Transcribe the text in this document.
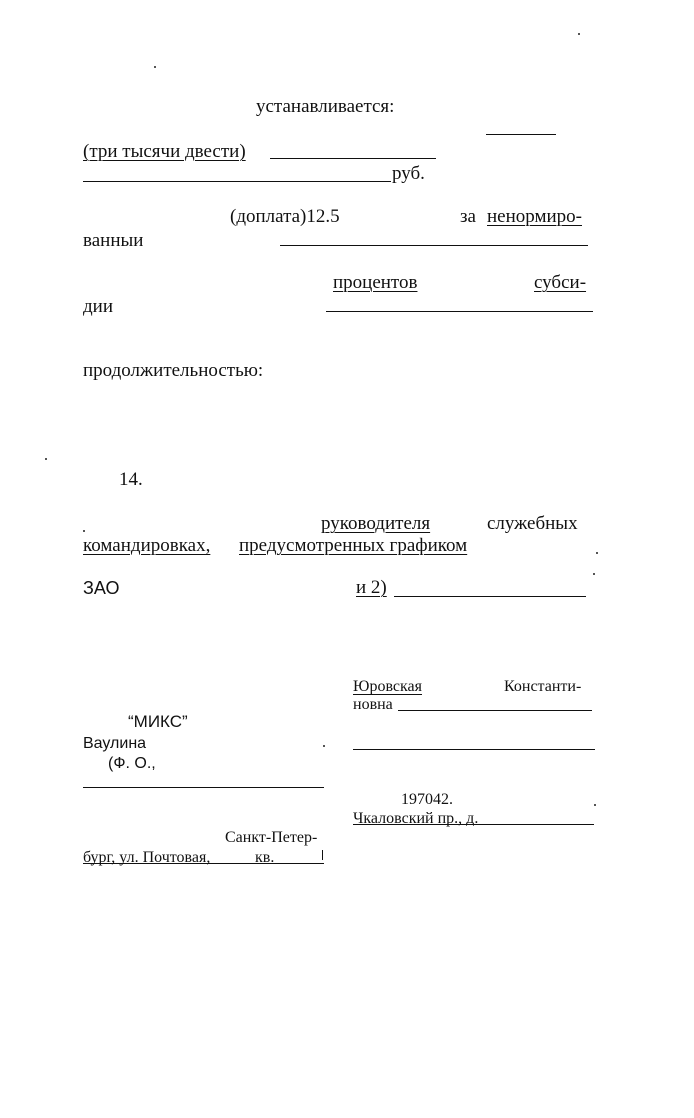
устанавливается:
(три тысячи двести)
руб.
(доплата)12.5	за ненормиро-
ванныи
процентов	субси-
дии
продолжительностью:
14.
руководителя	служебных
командировках, предусмотренных графиком
ЗАО	и 2)
Юровская	Константи-
новна
“МИКС”
Ваулина
(Ф. О.,
197042.
Чкаловский пр., д.
Санкт-Петер-
бург, ул. Почтовая,	кв.
